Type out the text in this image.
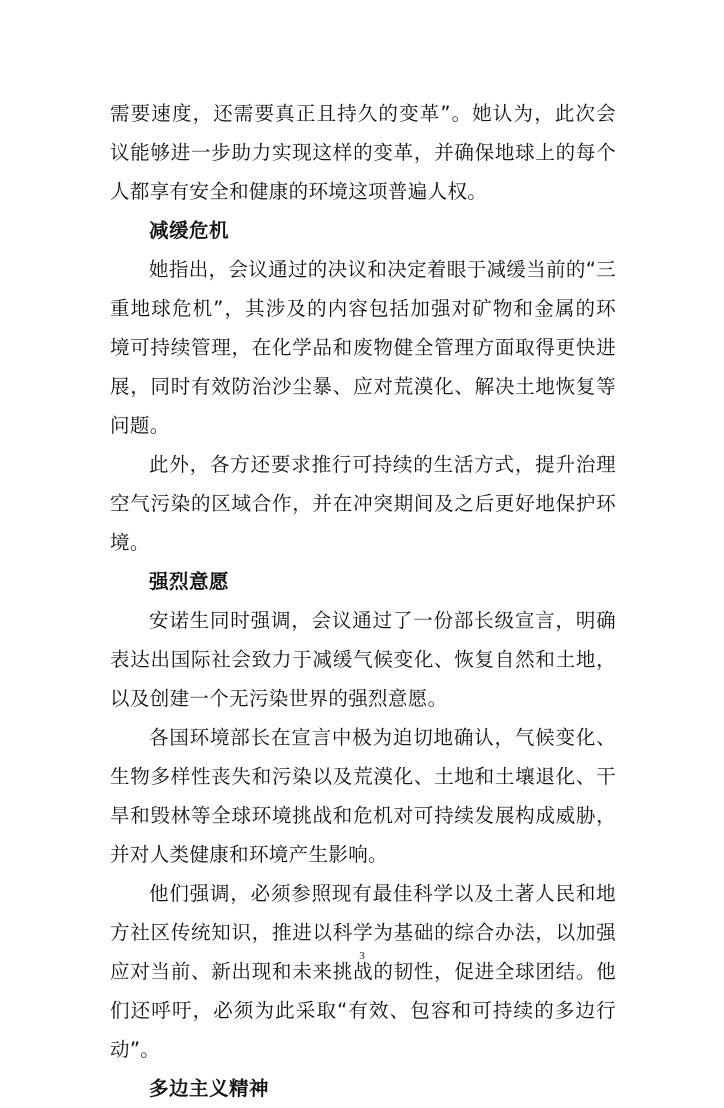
需要速度，还需要真正且持久的变革”。她认为，此次会议能够进一步助力实现这样的变革，并确保地球上的每个人都享有安全和健康的环境这项普遍人权。

减缓危机

她指出，会议通过的决议和决定着眼于减缓当前的“三重地球危机”，其涉及的内容包括加强对矿物和金属的环境可持续管理，在化学品和废物健全管理方面取得更快进展，同时有效防治沙尘暴、应对荒漠化、解决土地恢复等问题。

此外，各方还要求推行可持续的生活方式，提升治理空气污染的区域合作，并在冲突期间及之后更好地保护环境。

强烈意愿

安诺生同时强调，会议通过了一份部长级宣言，明确表达出国际社会致力于减缓气候变化、恢复自然和土地，以及创建一个无污染世界的强烈意愿。

各国环境部长在宣言中极为迫切地确认，气候变化、生物多样性丧失和污染以及荒漠化、土地和土壤退化、干旱和毁林等全球环境挑战和危机对可持续发展构成威胁，并对人类健康和环境产生影响。

他们强调，必须参照现有最佳科学以及土著人民和地方社区传统知识，推进以科学为基础的综合办法，以加强应对当前、新出现和未来挑战的韧性，促进全球团结。他们还呼吁，必须为此采取“有效、包容和可持续的多边行动”。

多边主义精神
3
